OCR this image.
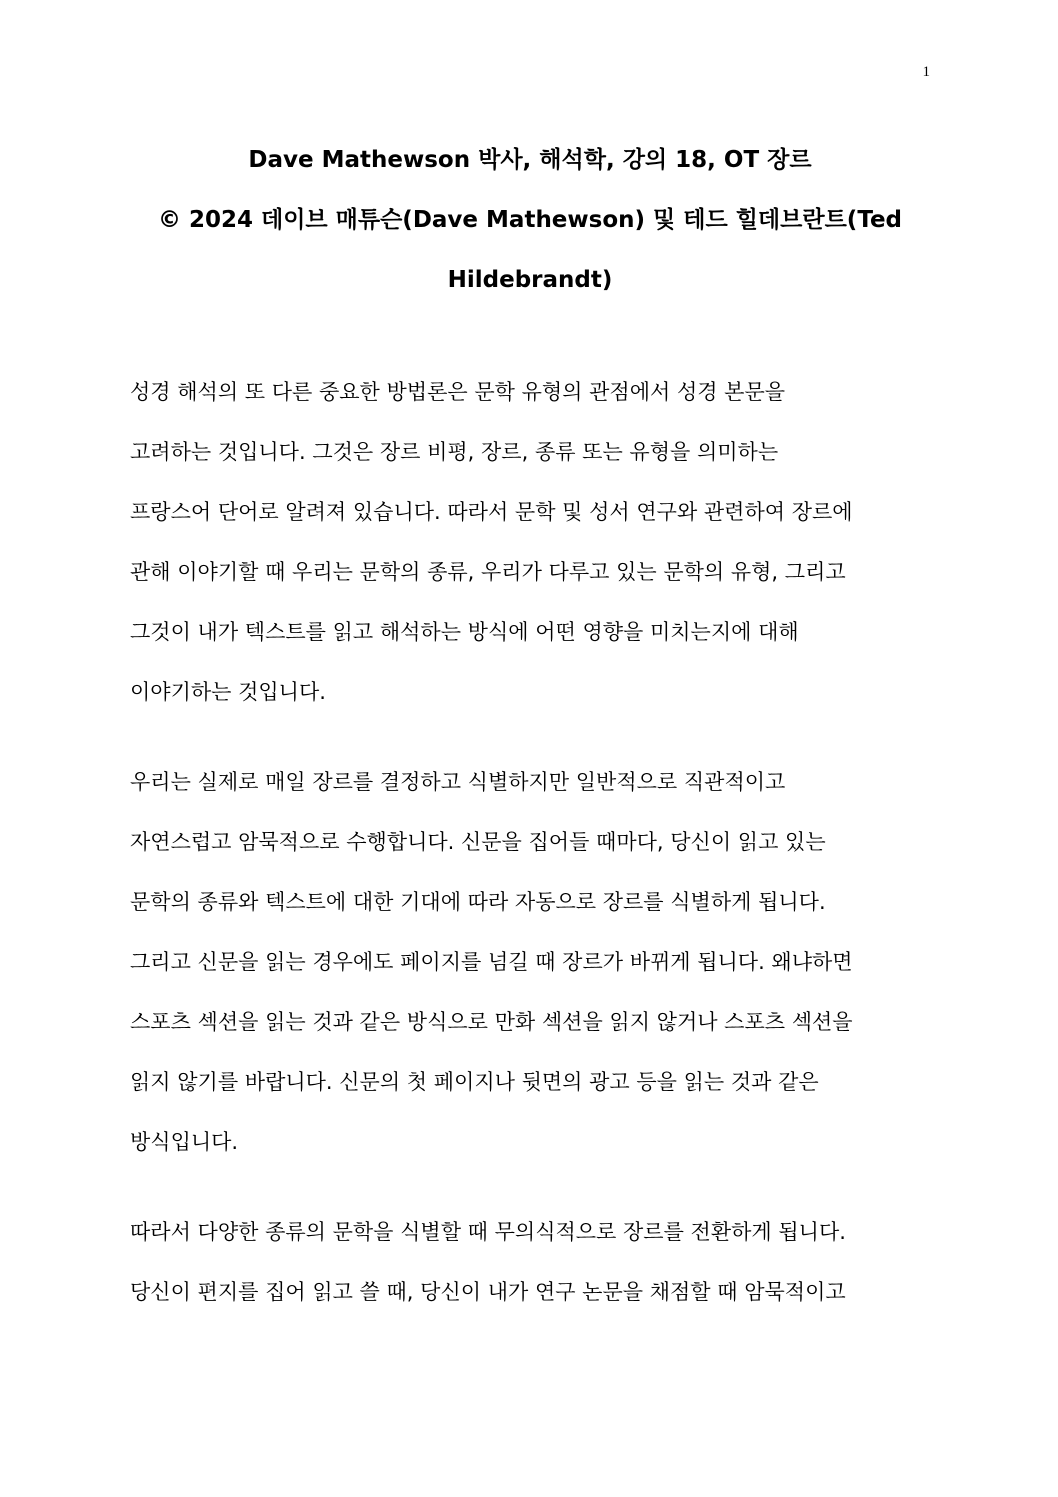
1
Dave Mathewson 박사, 해석학, 강의 18, OT 장르
© 2024 데이브 매튜슨(Dave Mathewson) 및 테드 힐데브란트(Ted
Hildebrandt)
성경 해석의 또 다른 중요한 방법론은 문학 유형의 관점에서 성경 본문을
고려하는 것입니다. 그것은 장르 비평, 장르, 종류 또는 유형을 의미하는
프랑스어 단어로 알려져 있습니다. 따라서 문학 및 성서 연구와 관련하여 장르에
관해 이야기할 때 우리는 문학의 종류, 우리가 다루고 있는 문학의 유형, 그리고
그것이 내가 텍스트를 읽고 해석하는 방식에 어떤 영향을 미치는지에 대해
이야기하는 것입니다.
우리는 실제로 매일 장르를 결정하고 식별하지만 일반적으로 직관적이고
자연스럽고 암묵적으로 수행합니다. 신문을 집어들 때마다, 당신이 읽고 있는
문학의 종류와 텍스트에 대한 기대에 따라 자동으로 장르를 식별하게 됩니다.
그리고 신문을 읽는 경우에도 페이지를 넘길 때 장르가 바뀌게 됩니다. 왜냐하면
스포츠 섹션을 읽는 것과 같은 방식으로 만화 섹션을 읽지 않거나 스포츠 섹션을
읽지 않기를 바랍니다. 신문의 첫 페이지나 뒷면의 광고 등을 읽는 것과 같은
방식입니다.
따라서 다양한 종류의 문학을 식별할 때 무의식적으로 장르를 전환하게 됩니다.
당신이 편지를 집어 읽고 쓸 때, 당신이 내가 연구 논문을 채점할 때 암묵적이고
